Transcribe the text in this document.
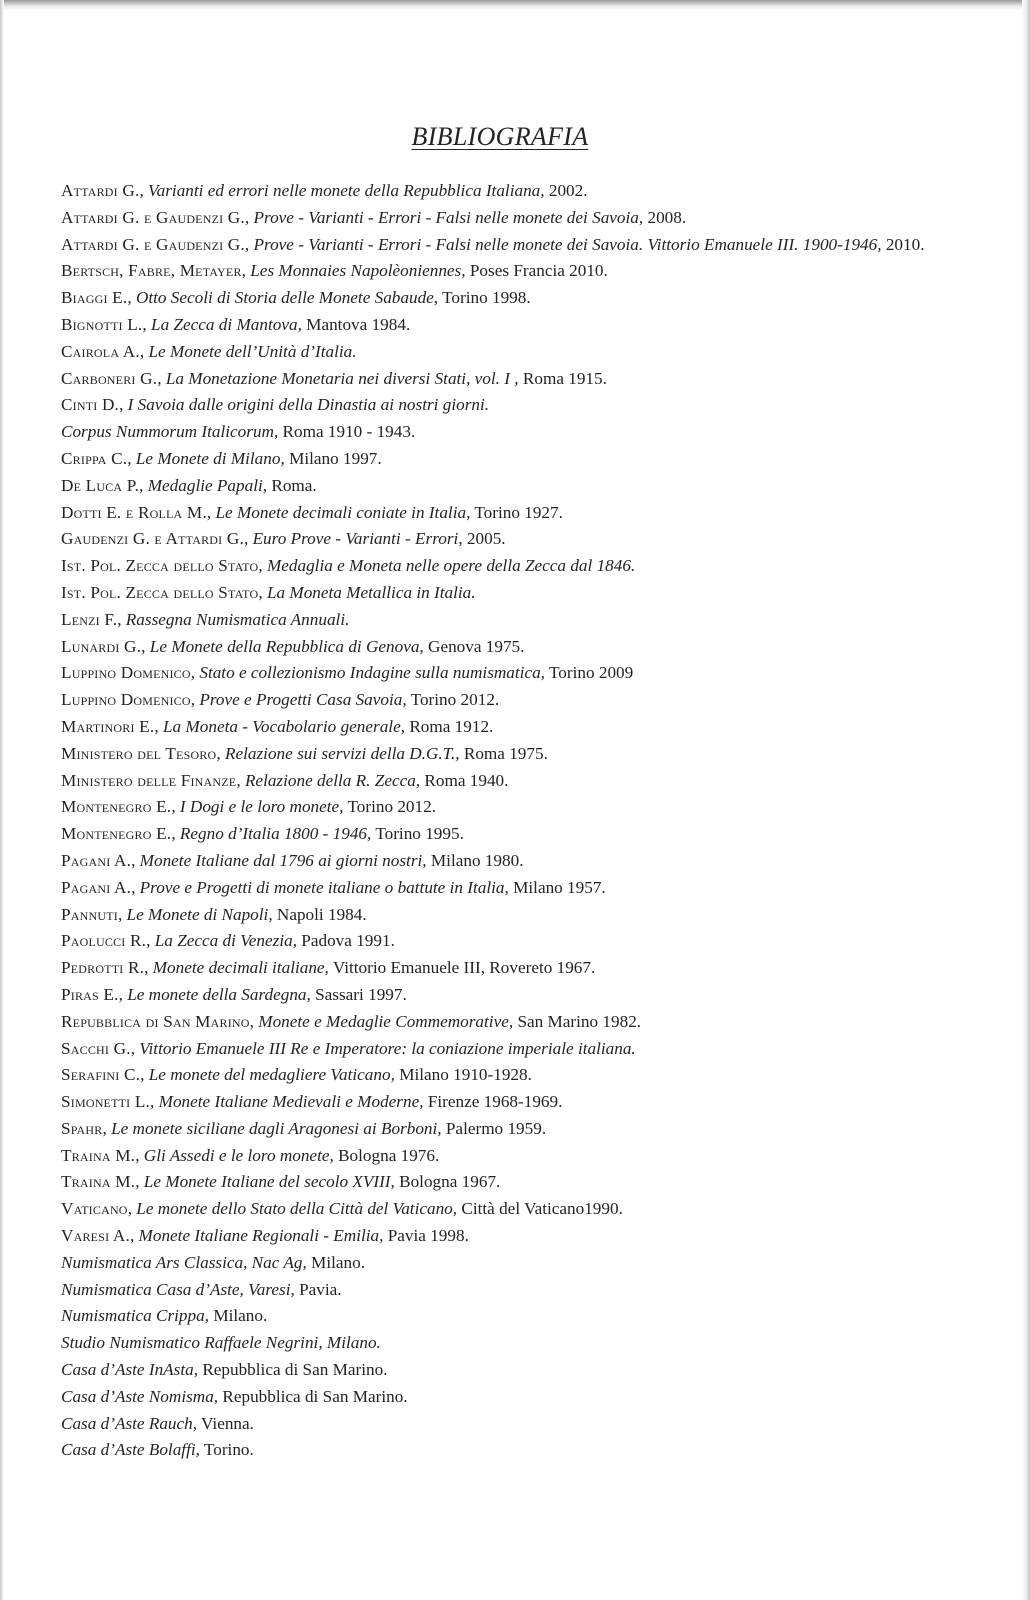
BIBLIOGRAFIA
Attardi G., Varianti ed errori nelle monete della Repubblica Italiana, 2002.
Attardi G. e Gaudenzi G., Prove - Varianti - Errori - Falsi nelle monete dei Savoia, 2008.
Attardi G. e Gaudenzi G., Prove - Varianti - Errori - Falsi nelle monete dei Savoia. Vittorio Emanuele III. 1900-1946, 2010.
Bertsch, Fabre, Metayer, Les Monnaies Napolèoniennes, Poses Francia 2010.
Biaggi E., Otto Secoli di Storia delle Monete Sabaude, Torino 1998.
Bignotti L., La Zecca di Mantova, Mantova 1984.
Cairola A., Le Monete dell’Unità d’Italia.
Carboneri G., La Monetazione Monetaria nei diversi Stati, vol. I , Roma 1915.
Cinti D., I Savoia dalle origini della Dinastia ai nostri giorni.
Corpus Nummorum Italicorum, Roma 1910 - 1943.
Crippa C., Le Monete di Milano, Milano 1997.
De Luca P., Medaglie Papali, Roma.
Dotti E. e Rolla M., Le Monete decimali coniate in Italia, Torino 1927.
Gaudenzi G. e Attardi G., Euro Prove - Varianti - Errori, 2005.
Ist. Pol. Zecca dello Stato, Medaglia e Moneta nelle opere della Zecca dal 1846.
Ist. Pol. Zecca dello Stato, La Moneta Metallica in Italia.
Lenzi F., Rassegna Numismatica Annuali.
Lunardi G., Le Monete della Repubblica di Genova, Genova 1975.
Luppino Domenico, Stato e collezionismo Indagine sulla numismatica, Torino 2009
Luppino Domenico, Prove e Progetti Casa Savoia, Torino 2012.
Martinori E., La Moneta - Vocabolario generale, Roma 1912.
Ministero del Tesoro, Relazione sui servizi della D.G.T., Roma 1975.
Ministero delle Finanze, Relazione della R. Zecca, Roma 1940.
Montenegro E., I Dogi e le loro monete, Torino 2012.
Montenegro E., Regno d’Italia 1800 - 1946, Torino 1995.
Pagani A., Monete Italiane dal 1796 ai giorni nostri, Milano 1980.
Pagani A., Prove e Progetti di monete italiane o battute in Italia, Milano 1957.
Pannuti, Le Monete di Napoli, Napoli 1984.
Paolucci R., La Zecca di Venezia, Padova 1991.
Pedrotti R., Monete decimali italiane, Vittorio Emanuele III, Rovereto 1967.
Piras E., Le monete della Sardegna, Sassari 1997.
Repubblica di San Marino, Monete e Medaglie Commemorative, San Marino 1982.
Sacchi G., Vittorio Emanuele III Re e Imperatore: la coniazione imperiale italiana.
Serafini C., Le monete del medagliere Vaticano, Milano 1910-1928.
Simonetti L., Monete Italiane Medievali e Moderne, Firenze 1968-1969.
Spahr, Le monete siciliane dagli Aragonesi ai Borboni, Palermo 1959.
Traina M., Gli Assedi e le loro monete, Bologna 1976.
Traina M., Le Monete Italiane del secolo XVIII, Bologna 1967.
Vaticano, Le monete dello Stato della Città del Vaticano, Città del Vaticano1990.
Varesi A., Monete Italiane Regionali - Emilia, Pavia 1998.
Numismatica Ars Classica, Nac Ag, Milano.
Numismatica Casa d’Aste, Varesi, Pavia.
Numismatica Crippa, Milano.
Studio Numismatico Raffaele Negrini, Milano.
Casa d’Aste InAsta, Repubblica di San Marino.
Casa d’Aste Nomisma, Repubblica di San Marino.
Casa d’Aste Rauch, Vienna.
Casa d’Aste Bolaffi, Torino.
